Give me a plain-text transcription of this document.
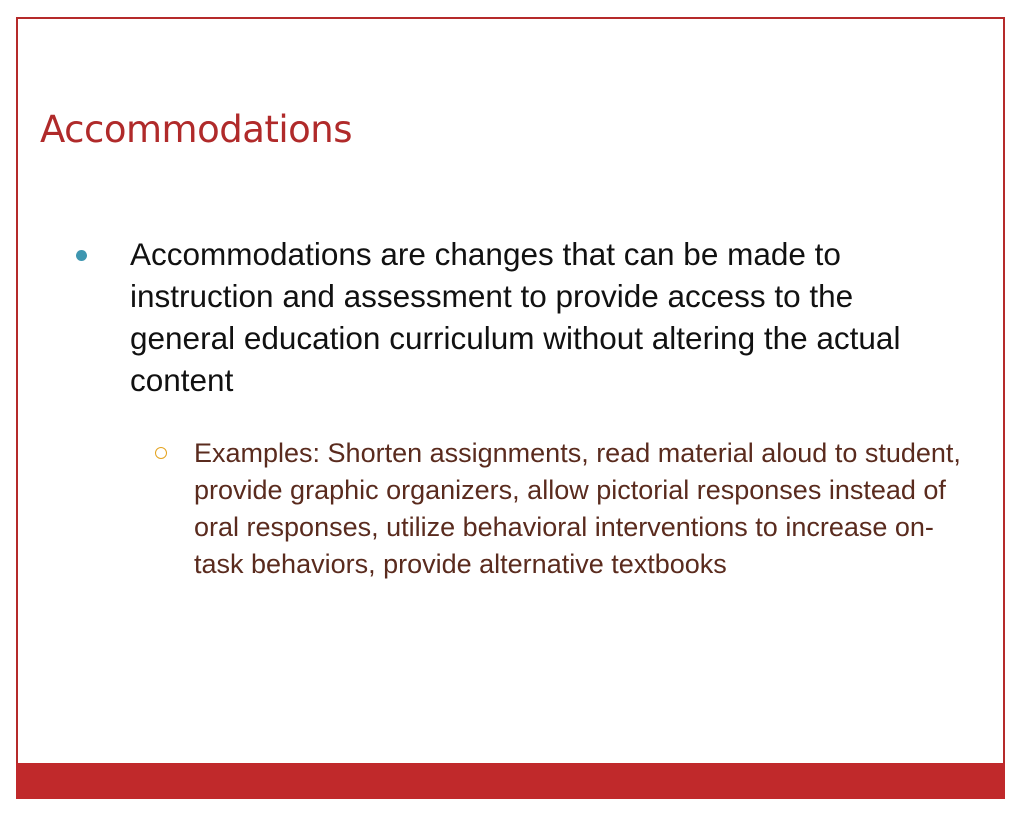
Accommodations
Accommodations are changes that can be made to instruction and assessment to provide access to the general education curriculum without altering the actual content
Examples: Shorten assignments, read material aloud to student, provide graphic organizers, allow pictorial responses instead of oral responses, utilize behavioral interventions to increase on-task behaviors, provide alternative textbooks
